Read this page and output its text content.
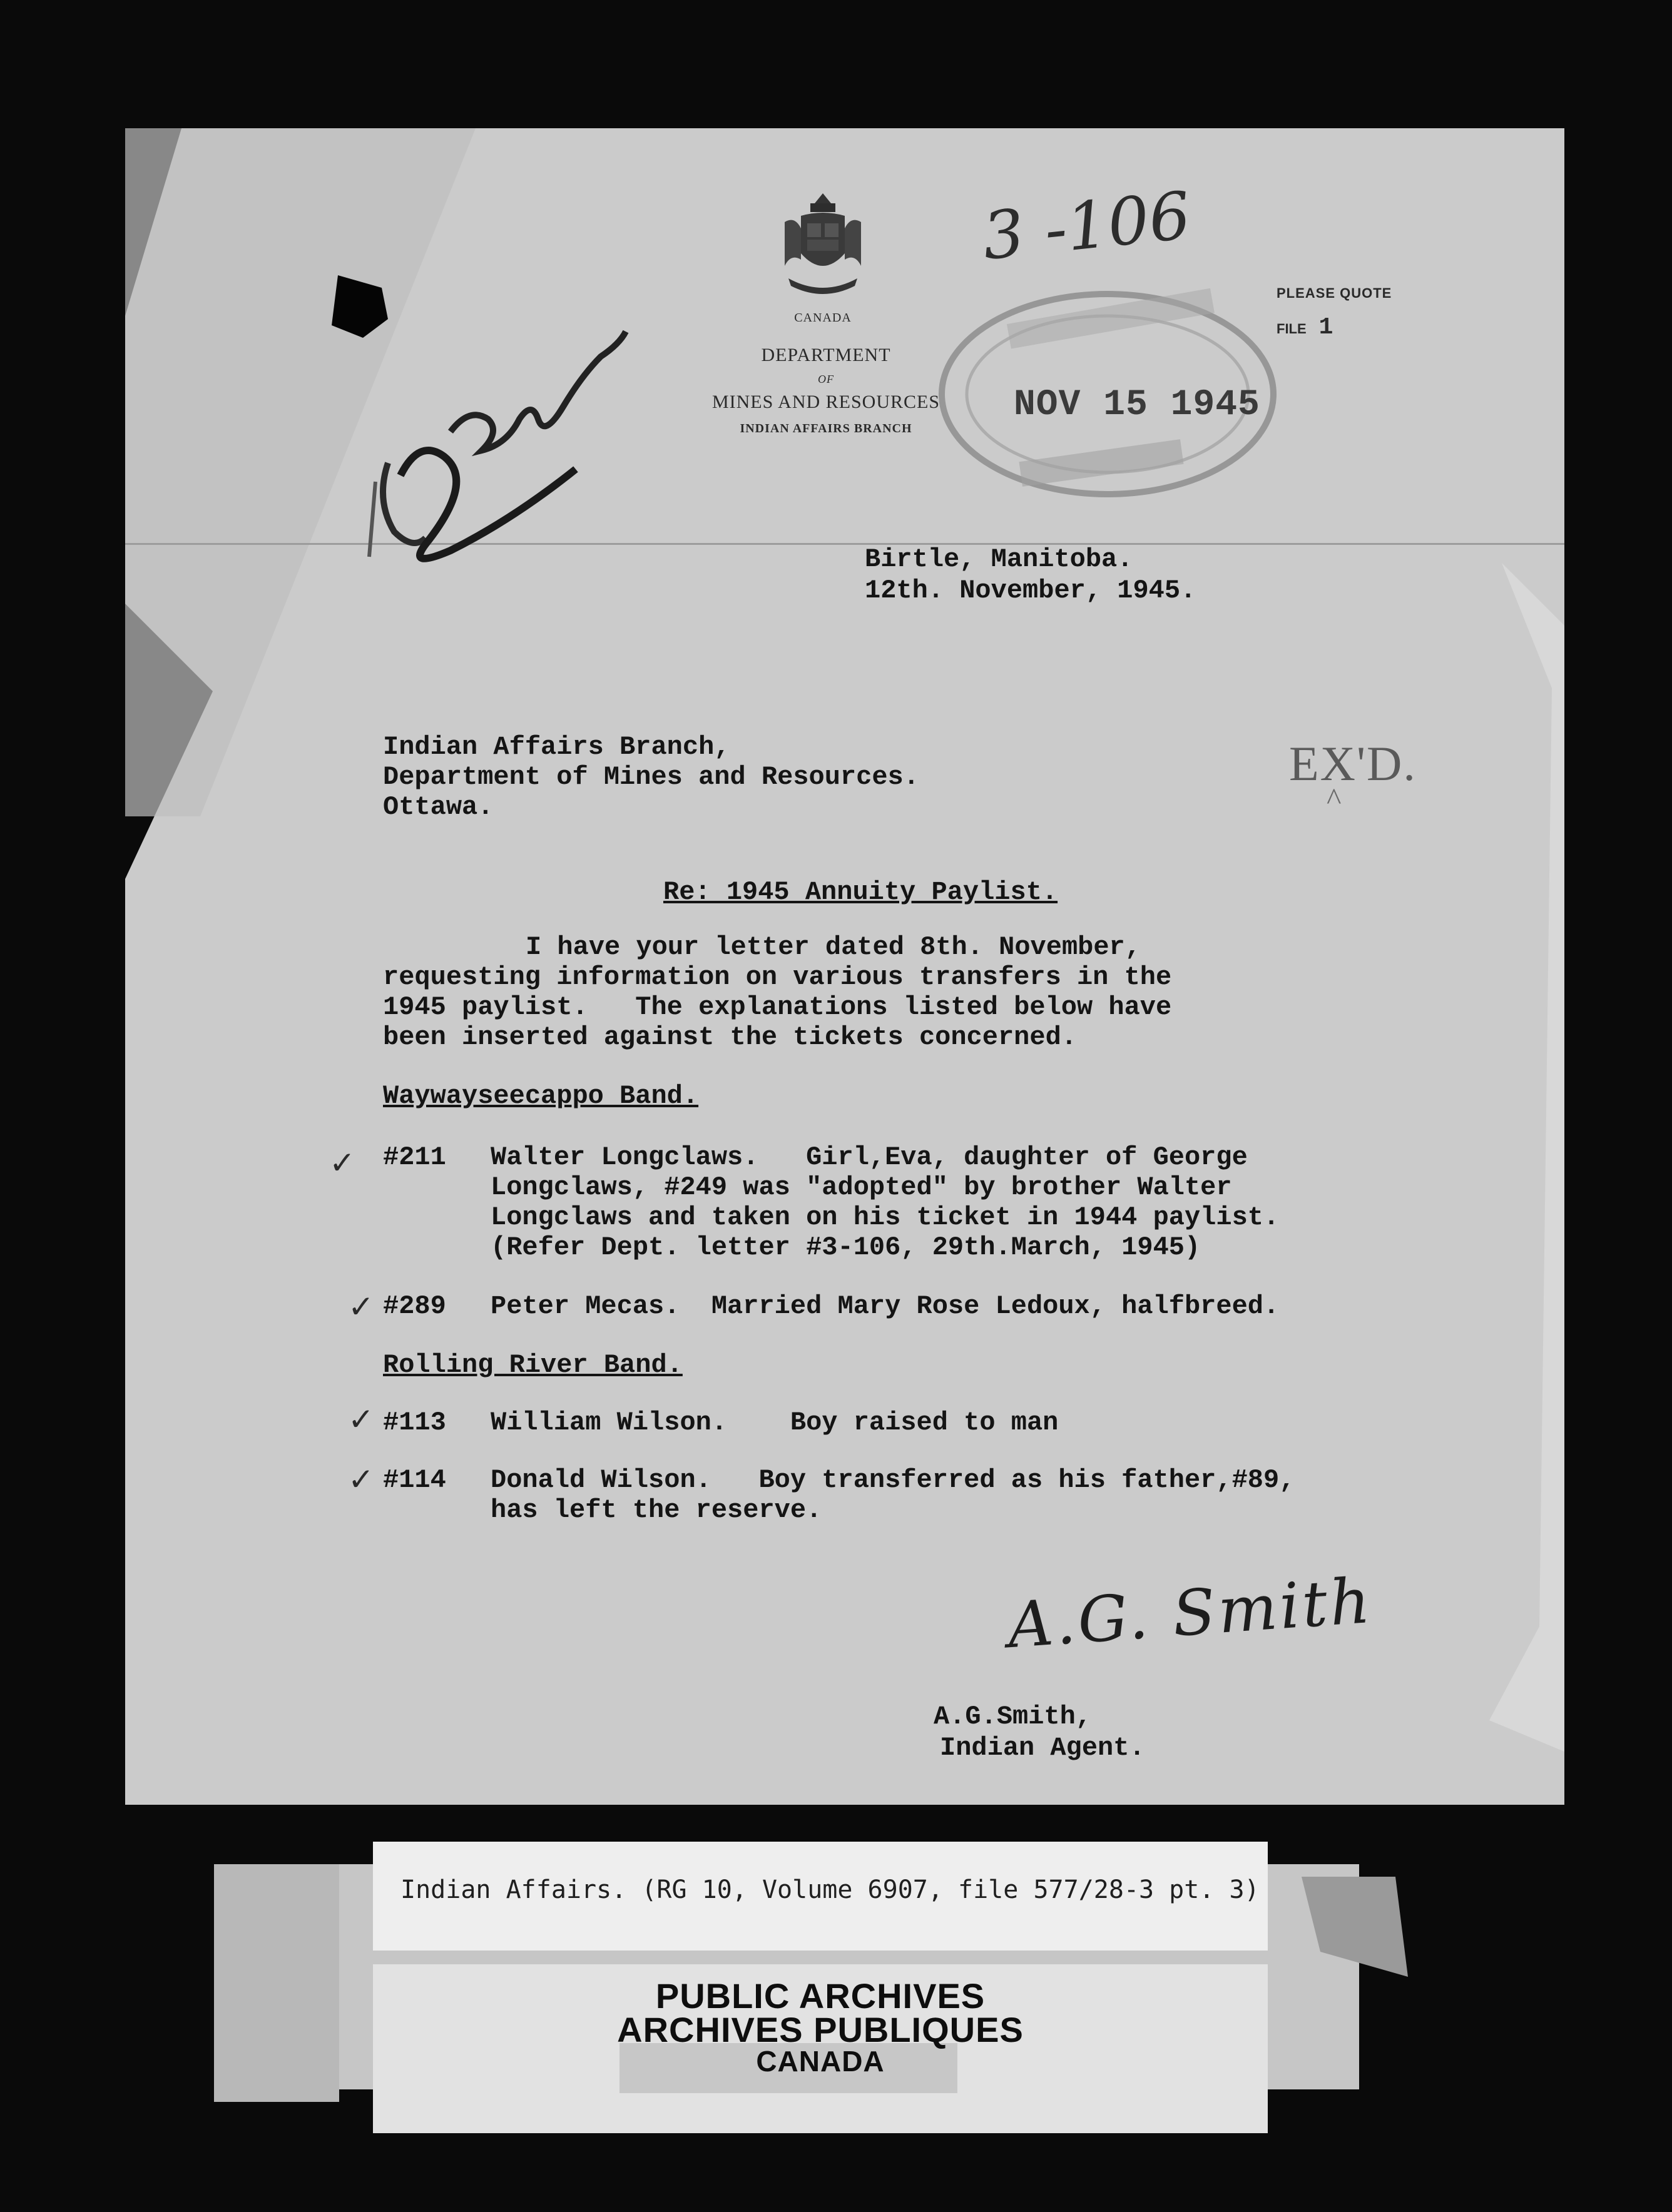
CANADA
DEPARTMENT
OF
MINES AND RESOURCES
INDIAN AFFAIRS BRANCH
PLEASE QUOTE
FILE 1
3 -106
NOV 15 1945
Birtle, Manitoba.
12th. November, 1945.
Indian Affairs Branch,
Department of Mines and Resources.
Ottawa.
EX'D.
^
Re: 1945 Annuity Paylist.
I have your letter dated 8th. November,
requesting information on various transfers in the
1945 paylist.   The explanations listed below have
been inserted against the tickets concerned.
Waywayseecappo Band.
✓ #211 Walter Longclaws.   Girl,Eva, daughter of George
Longclaws, #249 was "adopted" by brother Walter
Longclaws and taken on his ticket in 1944 paylist.
(Refer Dept. letter #3-106, 29th.March, 1945)
✓ #289 Peter Mecas.  Married Mary Rose Ledoux, halfbreed.
Rolling River Band.
✓ #113 William Wilson.    Boy raised to man
✓ #114 Donald Wilson.   Boy transferred as his father,#89,
has left the reserve.
A.G. Smith
A.G.Smith,
Indian Agent.
Indian Affairs. (RG 10, Volume 6907, file 577/28-3 pt. 3)
PUBLIC ARCHIVES
ARCHIVES PUBLIQUES
CANADA
